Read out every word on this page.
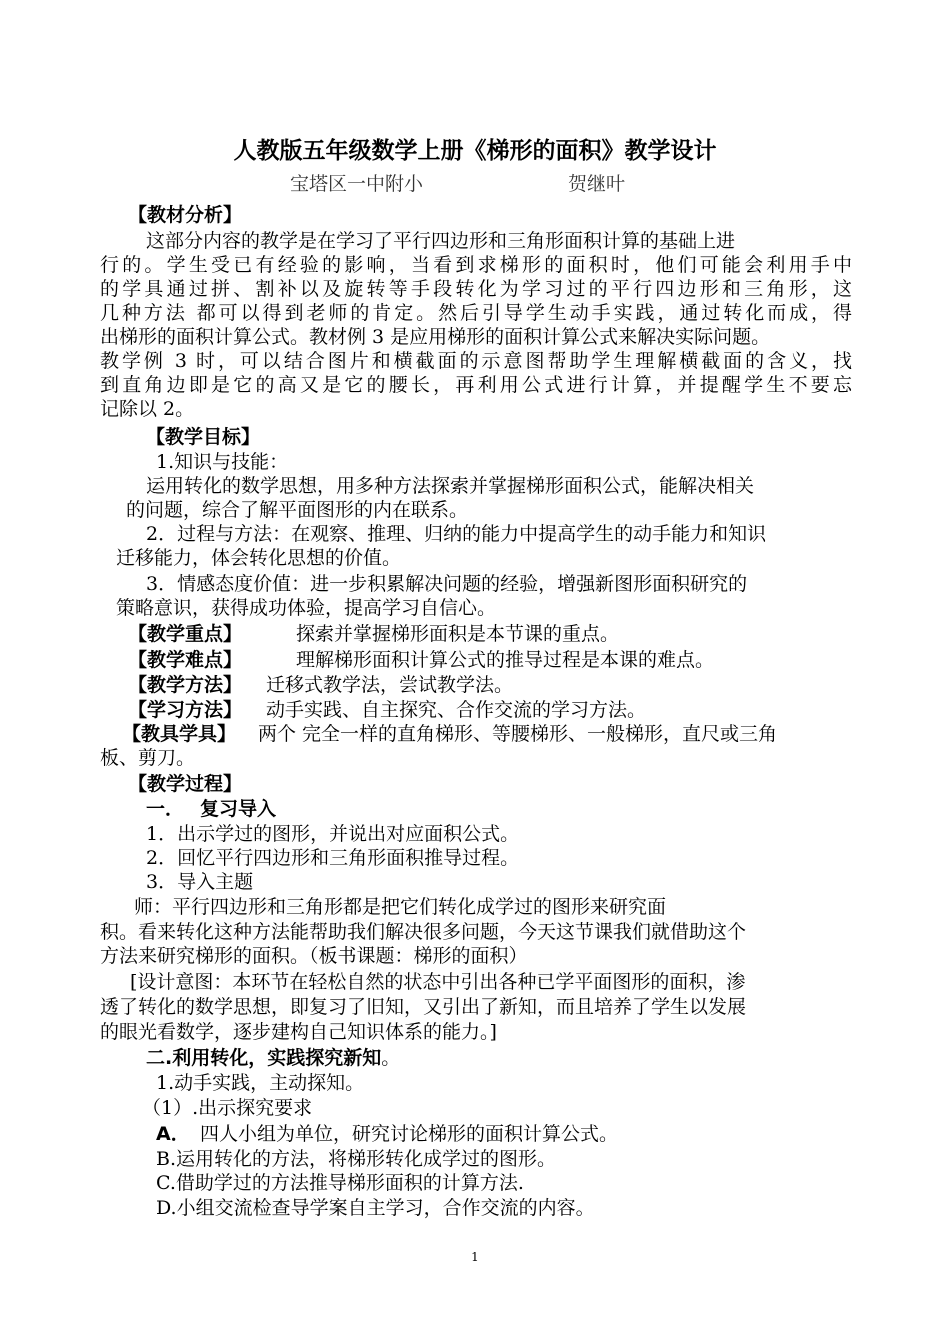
人教版五年级数学上册《梯形的面积》教学设计
宝塔区一中附小	贺继叶
【教材分析】
这部分内容的教学是在学习了平行四边形和三角形面积计算的基础上进
行的。学生受已有经验的影响，当看到求梯形的面积时，他们可能会利用手中
的学具通过拼、割补以及旋转等手段转化为学习过的平行四边形和三角形，这
几种方法 都可以得到老师的肯定。然后引导学生动手实践，通过转化而成，得
出梯形的面积计算公式。教材例 3 是应用梯形的面积计算公式来解决实际问题。
教学例 3 时，可以结合图片和横截面的示意图帮助学生理解横截面的含义，找
到直角边即是它的高又是它的腰长，再利用公式进行计算，并提醒学生不要忘
记除以 2。
【教学目标】
1.知识与技能：
运用转化的数学思想，用多种方法探索并掌握梯形面积公式，能解决相关
的问题，综合了解平面图形的内在联系。
2．过程与方法：在观察、推理、归纳的能力中提高学生的动手能力和知识
迁移能力，体会转化思想的价值。
3．情感态度价值：进一步积累解决问题的经验，增强新图形面积研究的
策略意识，获得成功体验，提高学习自信心。
【教学重点】	探索并掌握梯形面积是本节课的重点。
【教学难点】	理解梯形面积计算公式的推导过程是本课的难点。
【教学方法】 迁移式教学法，尝试教学法。
【学习方法】 动手实践、自主探究、合作交流的学习方法。
【教具学具】 两个 完全一样的直角梯形、等腰梯形、一般梯形，直尺或三角
板、剪刀。
【教学过程】
一． 复习导入
1．出示学过的图形，并说出对应面积公式。
2．回忆平行四边形和三角形面积推导过程。
3．导入主题
师：平行四边形和三角形都是把它们转化成学过的图形来研究面
积。看来转化这种方法能帮助我们解决很多问题，今天这节课我们就借助这个
方法来研究梯形的面积。（板书课题：梯形的面积）
[设计意图：本环节在轻松自然的状态中引出各种已学平面图形的面积，渗
透了转化的数学思想，即复习了旧知，又引出了新知，而且培养了学生以发展
的眼光看数学，逐步建构自己知识体系的能力。]
二.利用转化，实践探究新知。
1.动手实践，主动探知。
（1）.出示探究要求
A． 四人小组为单位，研究讨论梯形的面积计算公式。
B.运用转化的方法，将梯形转化成学过的图形。
C.借助学过的方法推导梯形面积的计算方法.
D.小组交流检查导学案自主学习，合作交流的内容。
1
